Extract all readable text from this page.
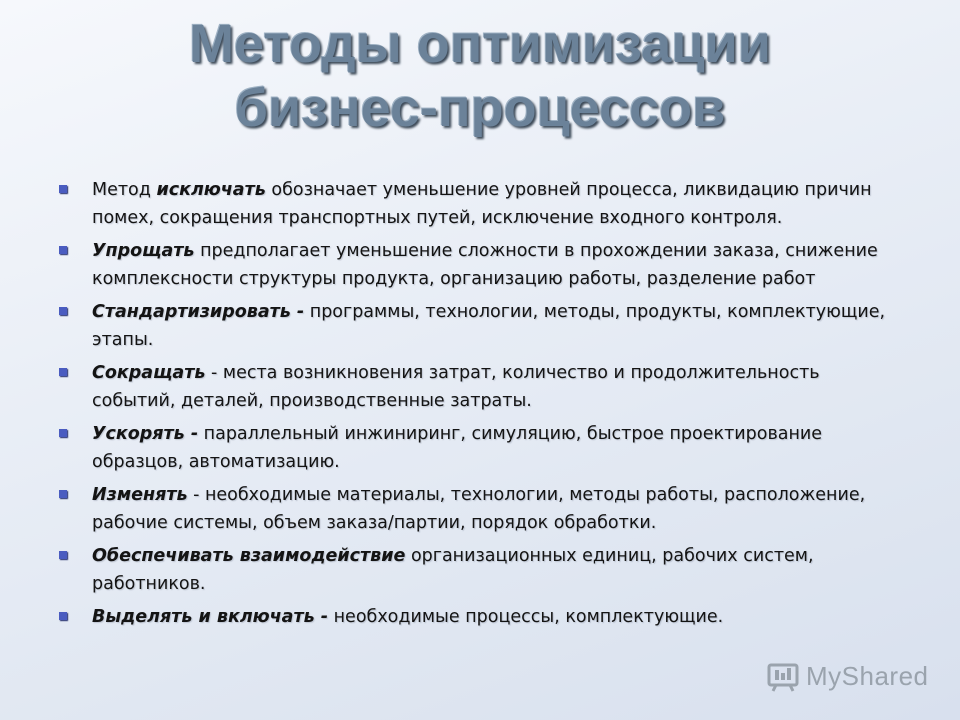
Методы оптимизации
бизнес-процессов
Метод исключать обозначает уменьшение уровней процесса, ликвидацию причин помех, сокращения транспортных путей, исключение входного контроля.
Упрощать предполагает уменьшение сложности в прохождении заказа, снижение комплексности структуры продукта, организацию работы, разделение работ
Стандартизировать - программы, технологии, методы, продукты, комплектующие, этапы.
Сокращать - места возникновения затрат, количество и продолжительность событий, деталей, производственные затраты.
Ускорять - параллельный инжиниринг, симуляцию, быстрое проектирование образцов, автоматизацию.
Изменять - необходимые материалы, технологии, методы работы, расположение, рабочие системы, объем заказа/партии, порядок обработки.
Обеспечивать взаимодействие организационных единиц, рабочих систем, работников.
Выделять и включать - необходимые процессы, комплектующие.
MyShared
